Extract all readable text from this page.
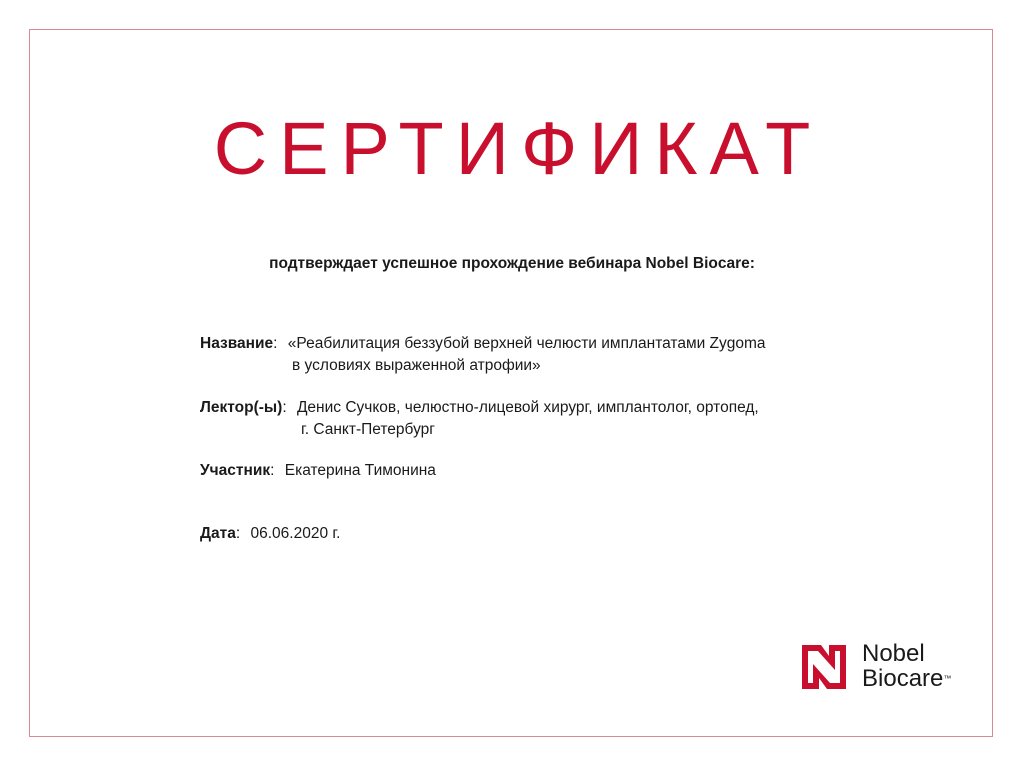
СЕРТИФИКАТ
подтверждает успешное прохождение вебинара Nobel Biocare:
Название: «Реабилитация беззубой верхней челюсти имплантатами Zygoma
в условиях выраженной атрофии»
Лектор(-ы): Денис Сучков, челюстно-лицевой хирург, имплантолог, ортопед,
г. Санкт-Петербург
Участник: Екатерина Тимонина
Дата: 06.06.2020 г.
Nobel
Biocare™
